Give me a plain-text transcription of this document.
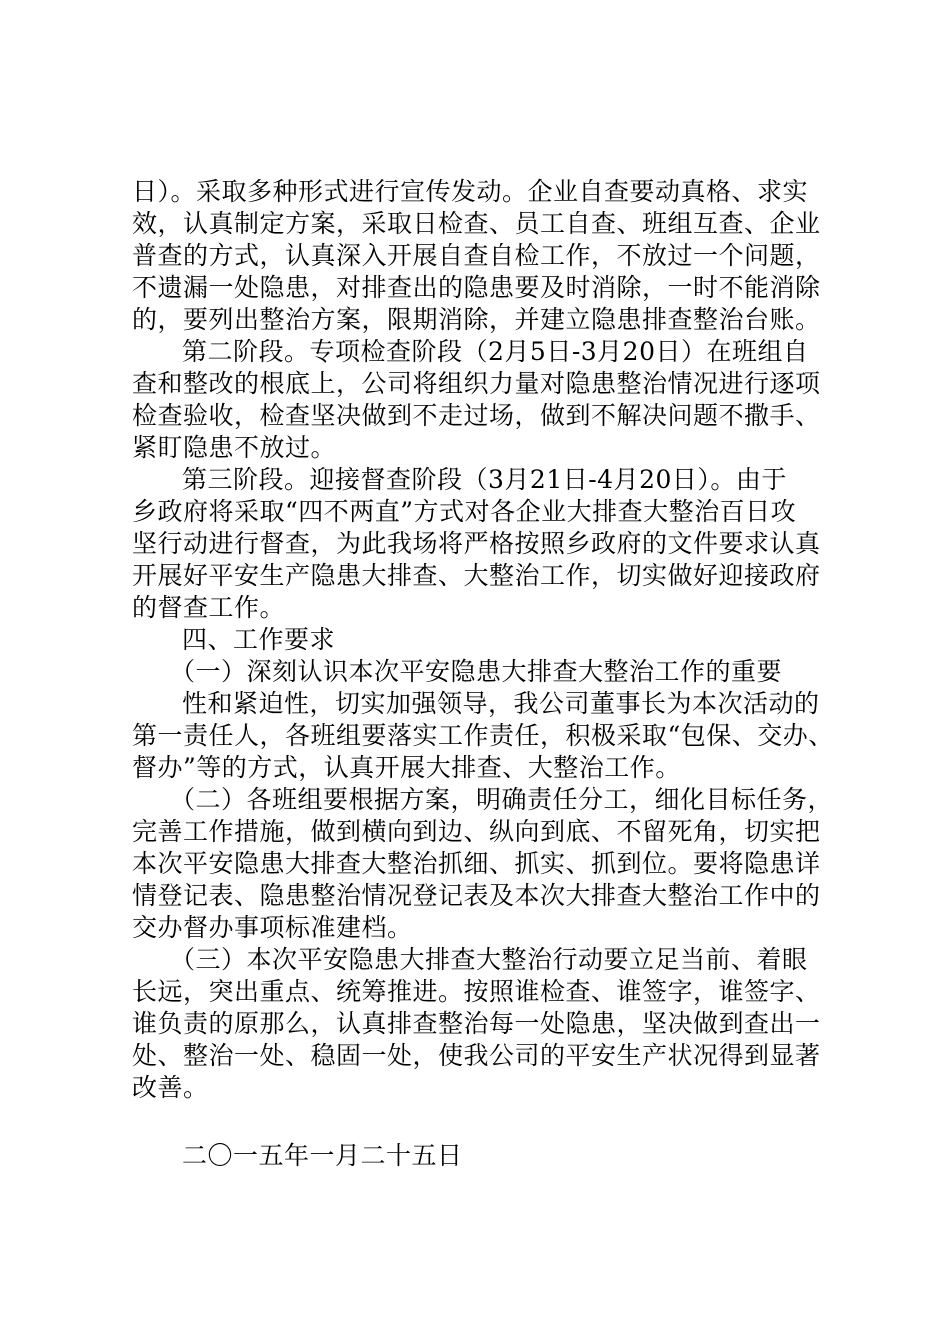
日）。采取多种形式进行宣传发动。企业自查要动真格、求实
效，认真制定方案，采取日检查、员工自查、班组互查、企业
普查的方式，认真深入开展自查自检工作，不放过一个问题，
不遗漏一处隐患，对排查出的隐患要及时消除，一时不能消除
的，要列出整治方案，限期消除，并建立隐患排查整治台账。
第二阶段。专项检查阶段（2月5日-3月20日）在班组自
查和整改的根底上，公司将组织力量对隐患整治情况进行逐项
检查验收，检查坚决做到不走过场，做到不解决问题不撒手、
紧盯隐患不放过。
第三阶段。迎接督查阶段（3月21日-4月20日）。由于
乡政府将采取“四不两直”方式对各企业大排查大整治百日攻
坚行动进行督查，为此我场将严格按照乡政府的文件要求认真
开展好平安生产隐患大排查、大整治工作，切实做好迎接政府
的督查工作。
四、工作要求
（一）深刻认识本次平安隐患大排查大整治工作的重要
性和紧迫性，切实加强领导，我公司董事长为本次活动的
第一责任人，各班组要落实工作责任，积极采取“包保、交办、
督办”等的方式，认真开展大排查、大整治工作。
（二）各班组要根据方案，明确责任分工，细化目标任务，
完善工作措施，做到横向到边、纵向到底、不留死角，切实把
本次平安隐患大排查大整治抓细、抓实、抓到位。要将隐患详
情登记表、隐患整治情况登记表及本次大排查大整治工作中的
交办督办事项标准建档。
（三）本次平安隐患大排查大整治行动要立足当前、着眼
长远，突出重点、统筹推进。按照谁检查、谁签字，谁签字、
谁负责的原那么，认真排查整治每一处隐患，坚决做到查出一
处、整治一处、稳固一处，使我公司的平安生产状况得到显著
改善。
二〇一五年一月二十五日
